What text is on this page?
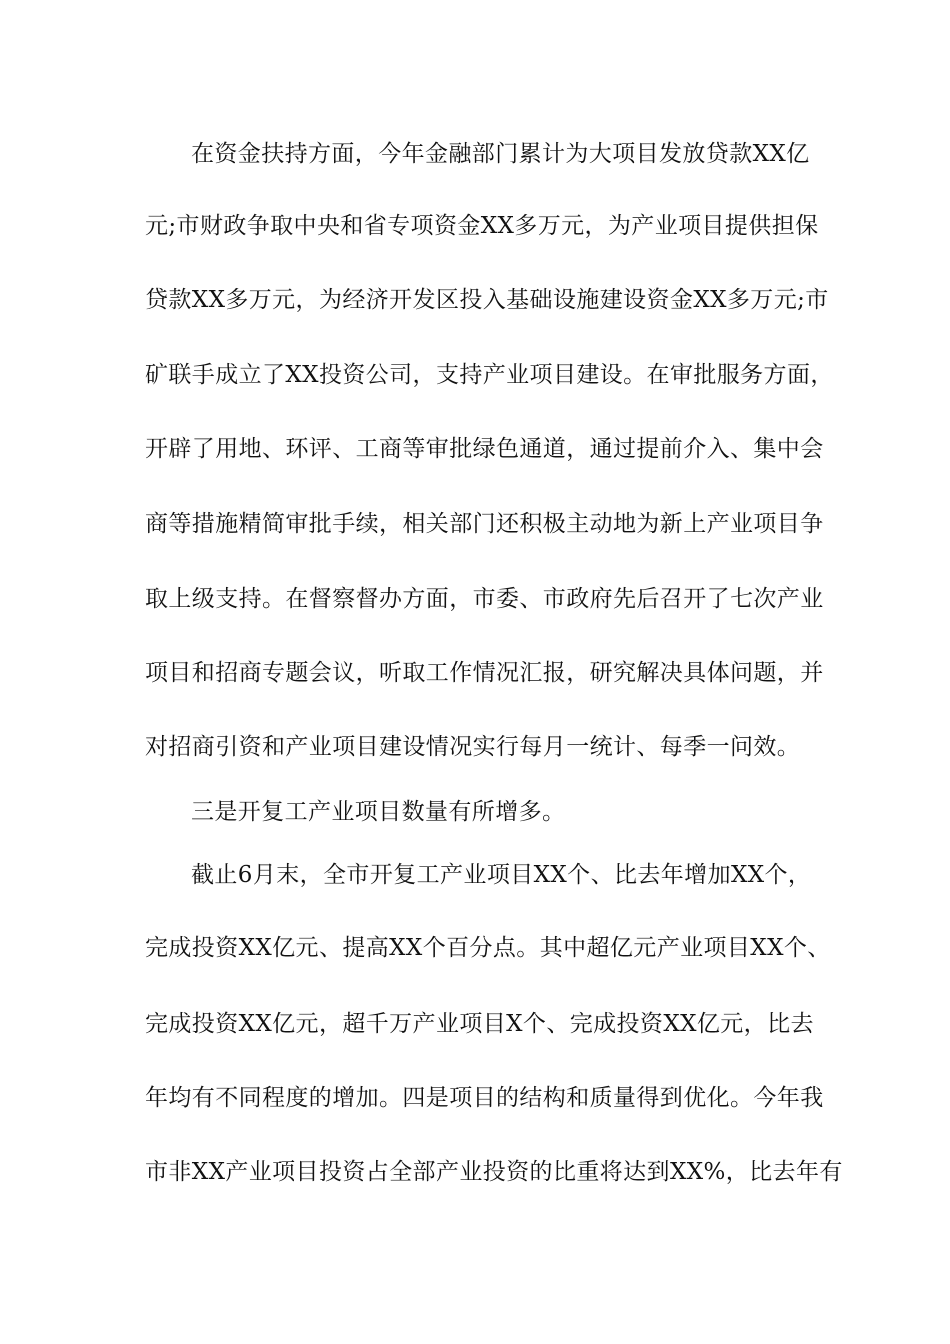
在资金扶持方面，今年金融部门累计为大项目发放贷款XX亿
元;市财政争取中央和省专项资金XX多万元，为产业项目提供担保
贷款XX多万元，为经济开发区投入基础设施建设资金XX多万元;市
矿联手成立了XX投资公司，支持产业项目建设。在审批服务方面，
开辟了用地、环评、工商等审批绿色通道，通过提前介入、集中会
商等措施精简审批手续，相关部门还积极主动地为新上产业项目争
取上级支持。在督察督办方面，市委、市政府先后召开了七次产业
项目和招商专题会议，听取工作情况汇报，研究解决具体问题，并
对招商引资和产业项目建设情况实行每月一统计、每季一问效。
三是开复工产业项目数量有所增多。
截止6月末，全市开复工产业项目XX个、比去年增加XX个，
完成投资XX亿元、提高XX个百分点。其中超亿元产业项目XX个、
完成投资XX亿元，超千万产业项目X个、完成投资XX亿元，比去
年均有不同程度的增加。四是项目的结构和质量得到优化。今年我
市非XX产业项目投资占全部产业投资的比重将达到XX%，比去年有
